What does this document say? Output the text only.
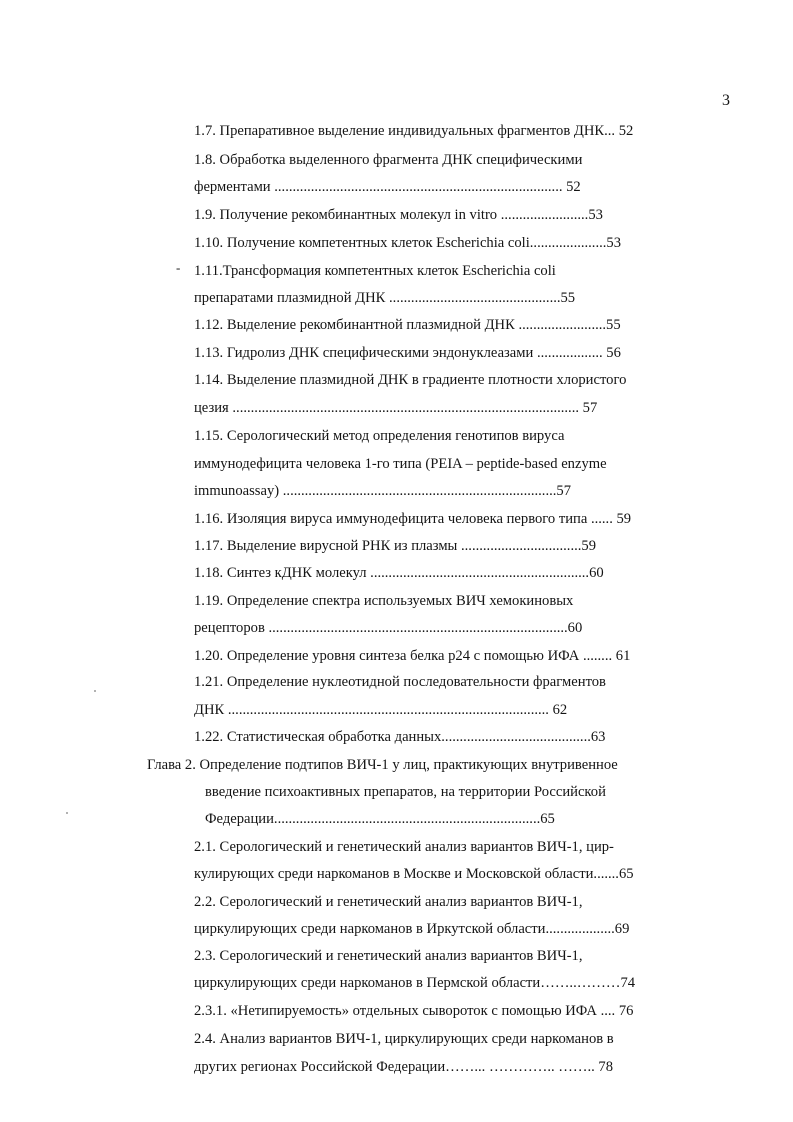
3
-
1.7. Препаративное выделение индивидуальных фрагментов ДНК... 52
1.8. Обработка выделенного фрагмента ДНК специфическими
ферментами ............................................................................... 52
1.9. Получение рекомбинантных молекул in vitro ........................53
1.10. Получение компетентных клеток Escherichia coli.....................53
1.11.Трансформация компетентных клеток Escherichia coli
препаратами плазмидной ДНК ...............................................55
1.12. Выделение рекомбинантной плазмидной ДНК ........................55
1.13. Гидролиз ДНК специфическими эндонуклеазами .................. 56
1.14. Выделение плазмидной ДНК в градиенте плотности хлористого
цезия ............................................................................................... 57
1.15. Серологический метод определения генотипов вируса
иммунодефицита человека 1-го типа (PEIA – peptide-based enzyme
immunoassay) ...........................................................................57
1.16. Изоляция вируса иммунодефицита человека первого типа ...... 59
1.17. Выделение вирусной РНК из плазмы .................................59
1.18. Синтез кДНК молекул ............................................................60
1.19. Определение спектра используемых ВИЧ хемокиновых
рецепторов ..................................................................................60
1.20. Определение уровня синтеза белка p24 с помощью ИФА ........ 61
1.21. Определение нуклеотидной последовательности фрагментов
ДНК ........................................................................................ 62
1.22. Статистическая обработка данных.........................................63
Глава 2. Определение подтипов ВИЧ-1 у лиц, практикующих внутривенное
введение психоактивных препаратов, на территории Российской
Федерации.........................................................................65
2.1. Серологический и генетический анализ вариантов ВИЧ-1, цир-
кулирующих среди наркоманов в Москве и Московской области.......65
2.2. Серологический и генетический анализ вариантов ВИЧ-1,
циркулирующих среди наркоманов в Иркутской области...................69
2.3. Серологический и генетический анализ вариантов ВИЧ-1,
циркулирующих среди наркоманов в Пермской области……..………74
2.3.1. «Нетипируемость» отдельных сывороток с помощью ИФА .... 76
2.4. Анализ вариантов ВИЧ-1, циркулирующих среди наркоманов в
других регионах Российской Федерации……... ………….. …….. 78
